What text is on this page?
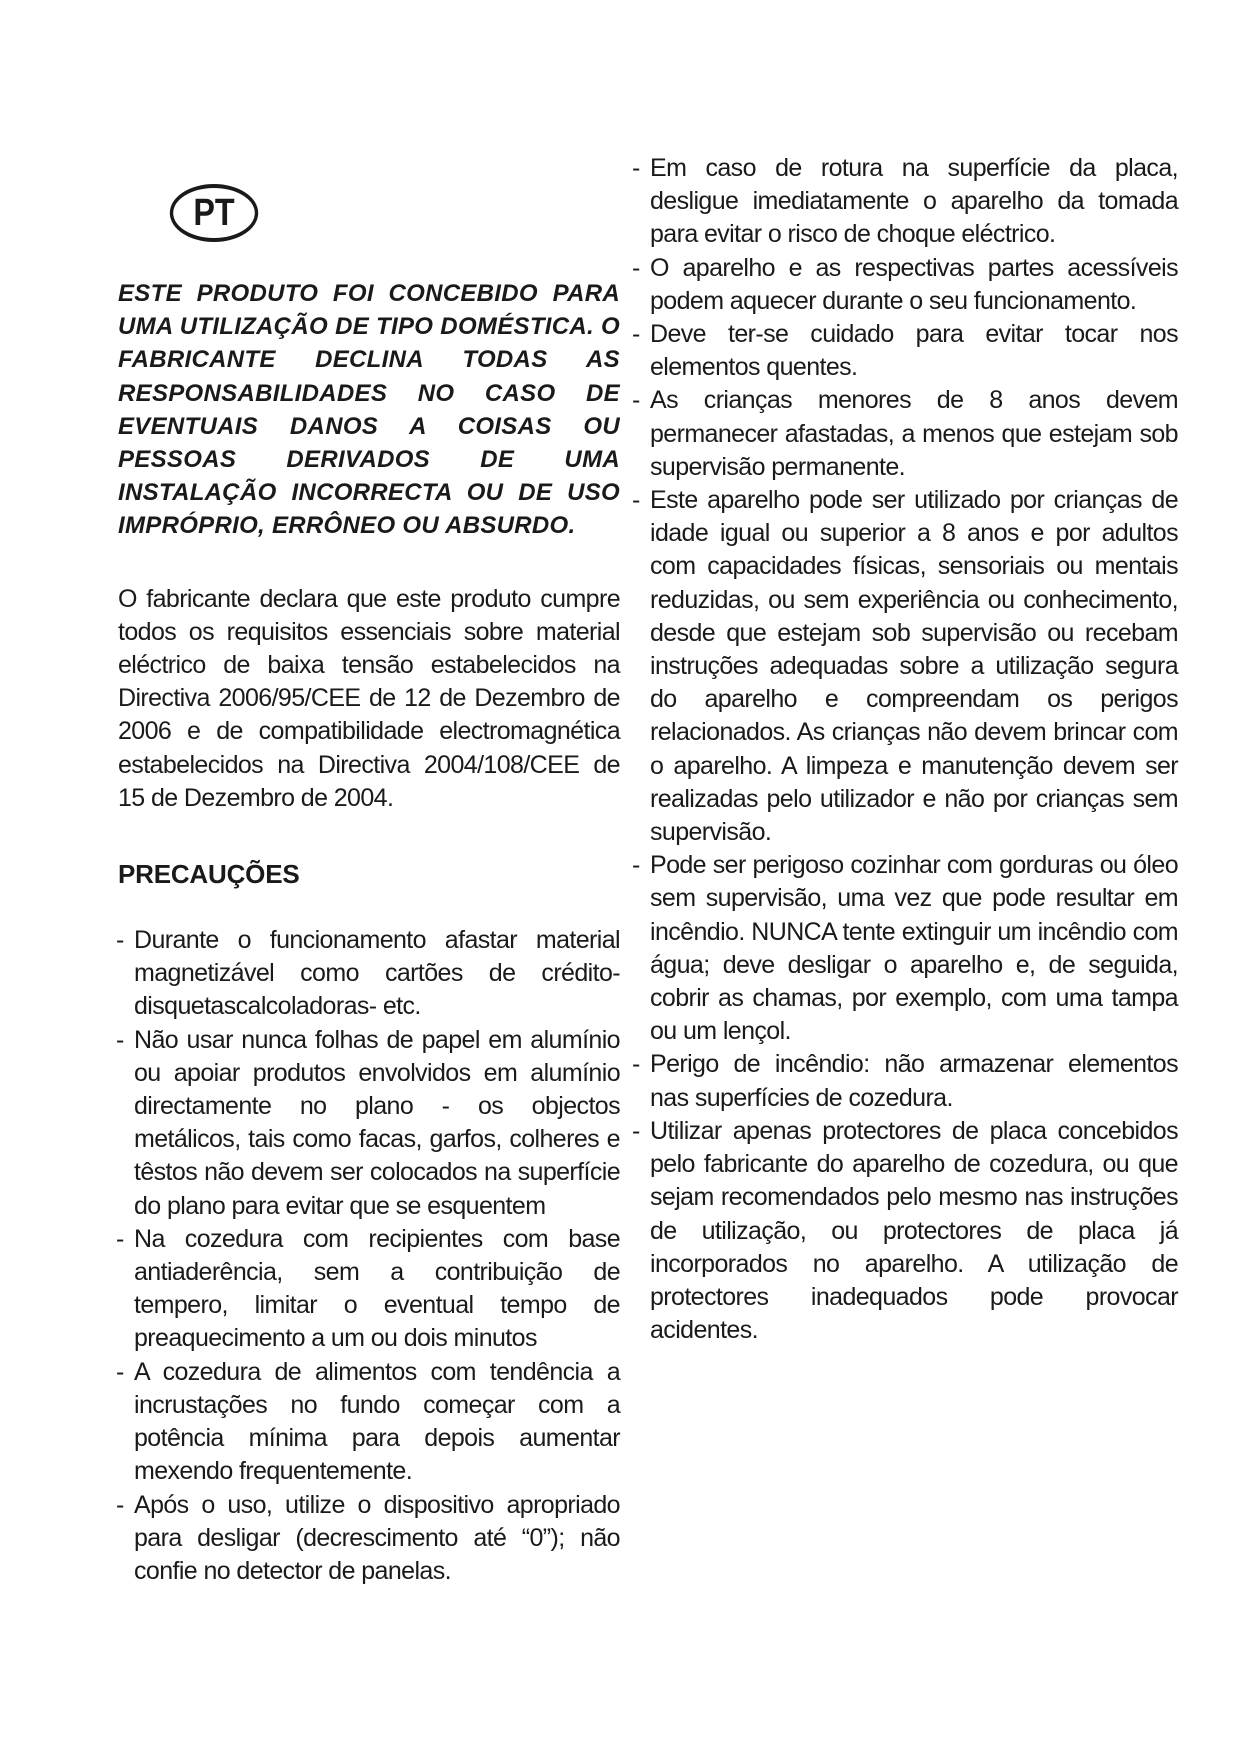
PT

ESTE PRODUTO FOI CONCEBIDO PARA UMA UTILIZAÇÃO DE TIPO DOMÉSTICA. O FABRICANTE DECLINA TODAS AS RESPONSABILIDADES NO CASO DE EVENTUAIS DANOS A COISAS OU PESSOAS DERIVADOS DE UMA INSTALAÇÃO INCORRECTA OU DE USO IMPRÓPRIO, ERRÔNEO OU ABSURDO.

O fabricante declara que este produto cumpre todos os requisitos essenciais sobre material eléctrico de baixa tensão estabelecidos na Directiva 2006/95/CEE de 12 de Dezembro de 2006 e de compatibilidade electromagnética estabelecidos na Directiva 2004/108/CEE de 15 de Dezembro de 2004.

PRECAUÇÕES
- Durante o funcionamento afastar material magnetizável como cartões de crédito-disquetascalcoladoras- etc.
- Não usar nunca folhas de papel em alumínio ou apoiar produtos envolvidos em alumínio directamente no plano - os objectos metálicos, tais como facas, garfos, colheres e têstos não devem ser colocados na superfície do plano para evitar que se esquentem
- Na cozedura com recipientes com base antiaderência, sem a contribuição de tempero, limitar o eventual tempo de preaquecimento a um ou dois minutos
- A cozedura de alimentos com tendência a incrustações no fundo começar com a potência mínima para depois aumentar mexendo frequentemente.
- Após o uso, utilize o dispositivo apropriado para desligar (decrescimento até “0”); não confie no detector de panelas.
- Em caso de rotura na superfície da placa, desligue imediatamente o aparelho da tomada para evitar o risco de choque eléctrico.
- O aparelho e as respectivas partes acessíveis podem aquecer durante o seu funcionamento.
- Deve ter-se cuidado para evitar tocar nos elementos quentes.
- As crianças menores de 8 anos devem permanecer afastadas, a menos que estejam sob supervisão permanente.
- Este aparelho pode ser utilizado por crianças de idade igual ou superior a 8 anos e por adultos com capacidades físicas, sensoriais ou mentais reduzidas, ou sem experiência ou conhecimento, desde que estejam sob supervisão ou recebam instruções adequadas sobre a utilização segura do aparelho e compreendam os perigos relacionados. As crianças não devem brincar com o aparelho. A limpeza e manutenção devem ser realizadas pelo utilizador e não por crianças sem supervisão.
- Pode ser perigoso cozinhar com gorduras ou óleo sem supervisão, uma vez que pode resultar em incêndio. NUNCA tente extinguir um incêndio com água; deve desligar o aparelho e, de seguida, cobrir as chamas, por exemplo, com uma tampa ou um lençol.
- Perigo de incêndio: não armazenar elementos nas superfícies de cozedura.
- Utilizar apenas protectores de placa concebidos pelo fabricante do aparelho de cozedura, ou que sejam recomendados pelo mesmo nas instruções de utilização, ou protectores de placa já incorporados no aparelho. A utilização de protectores inadequados pode provocar acidentes.
